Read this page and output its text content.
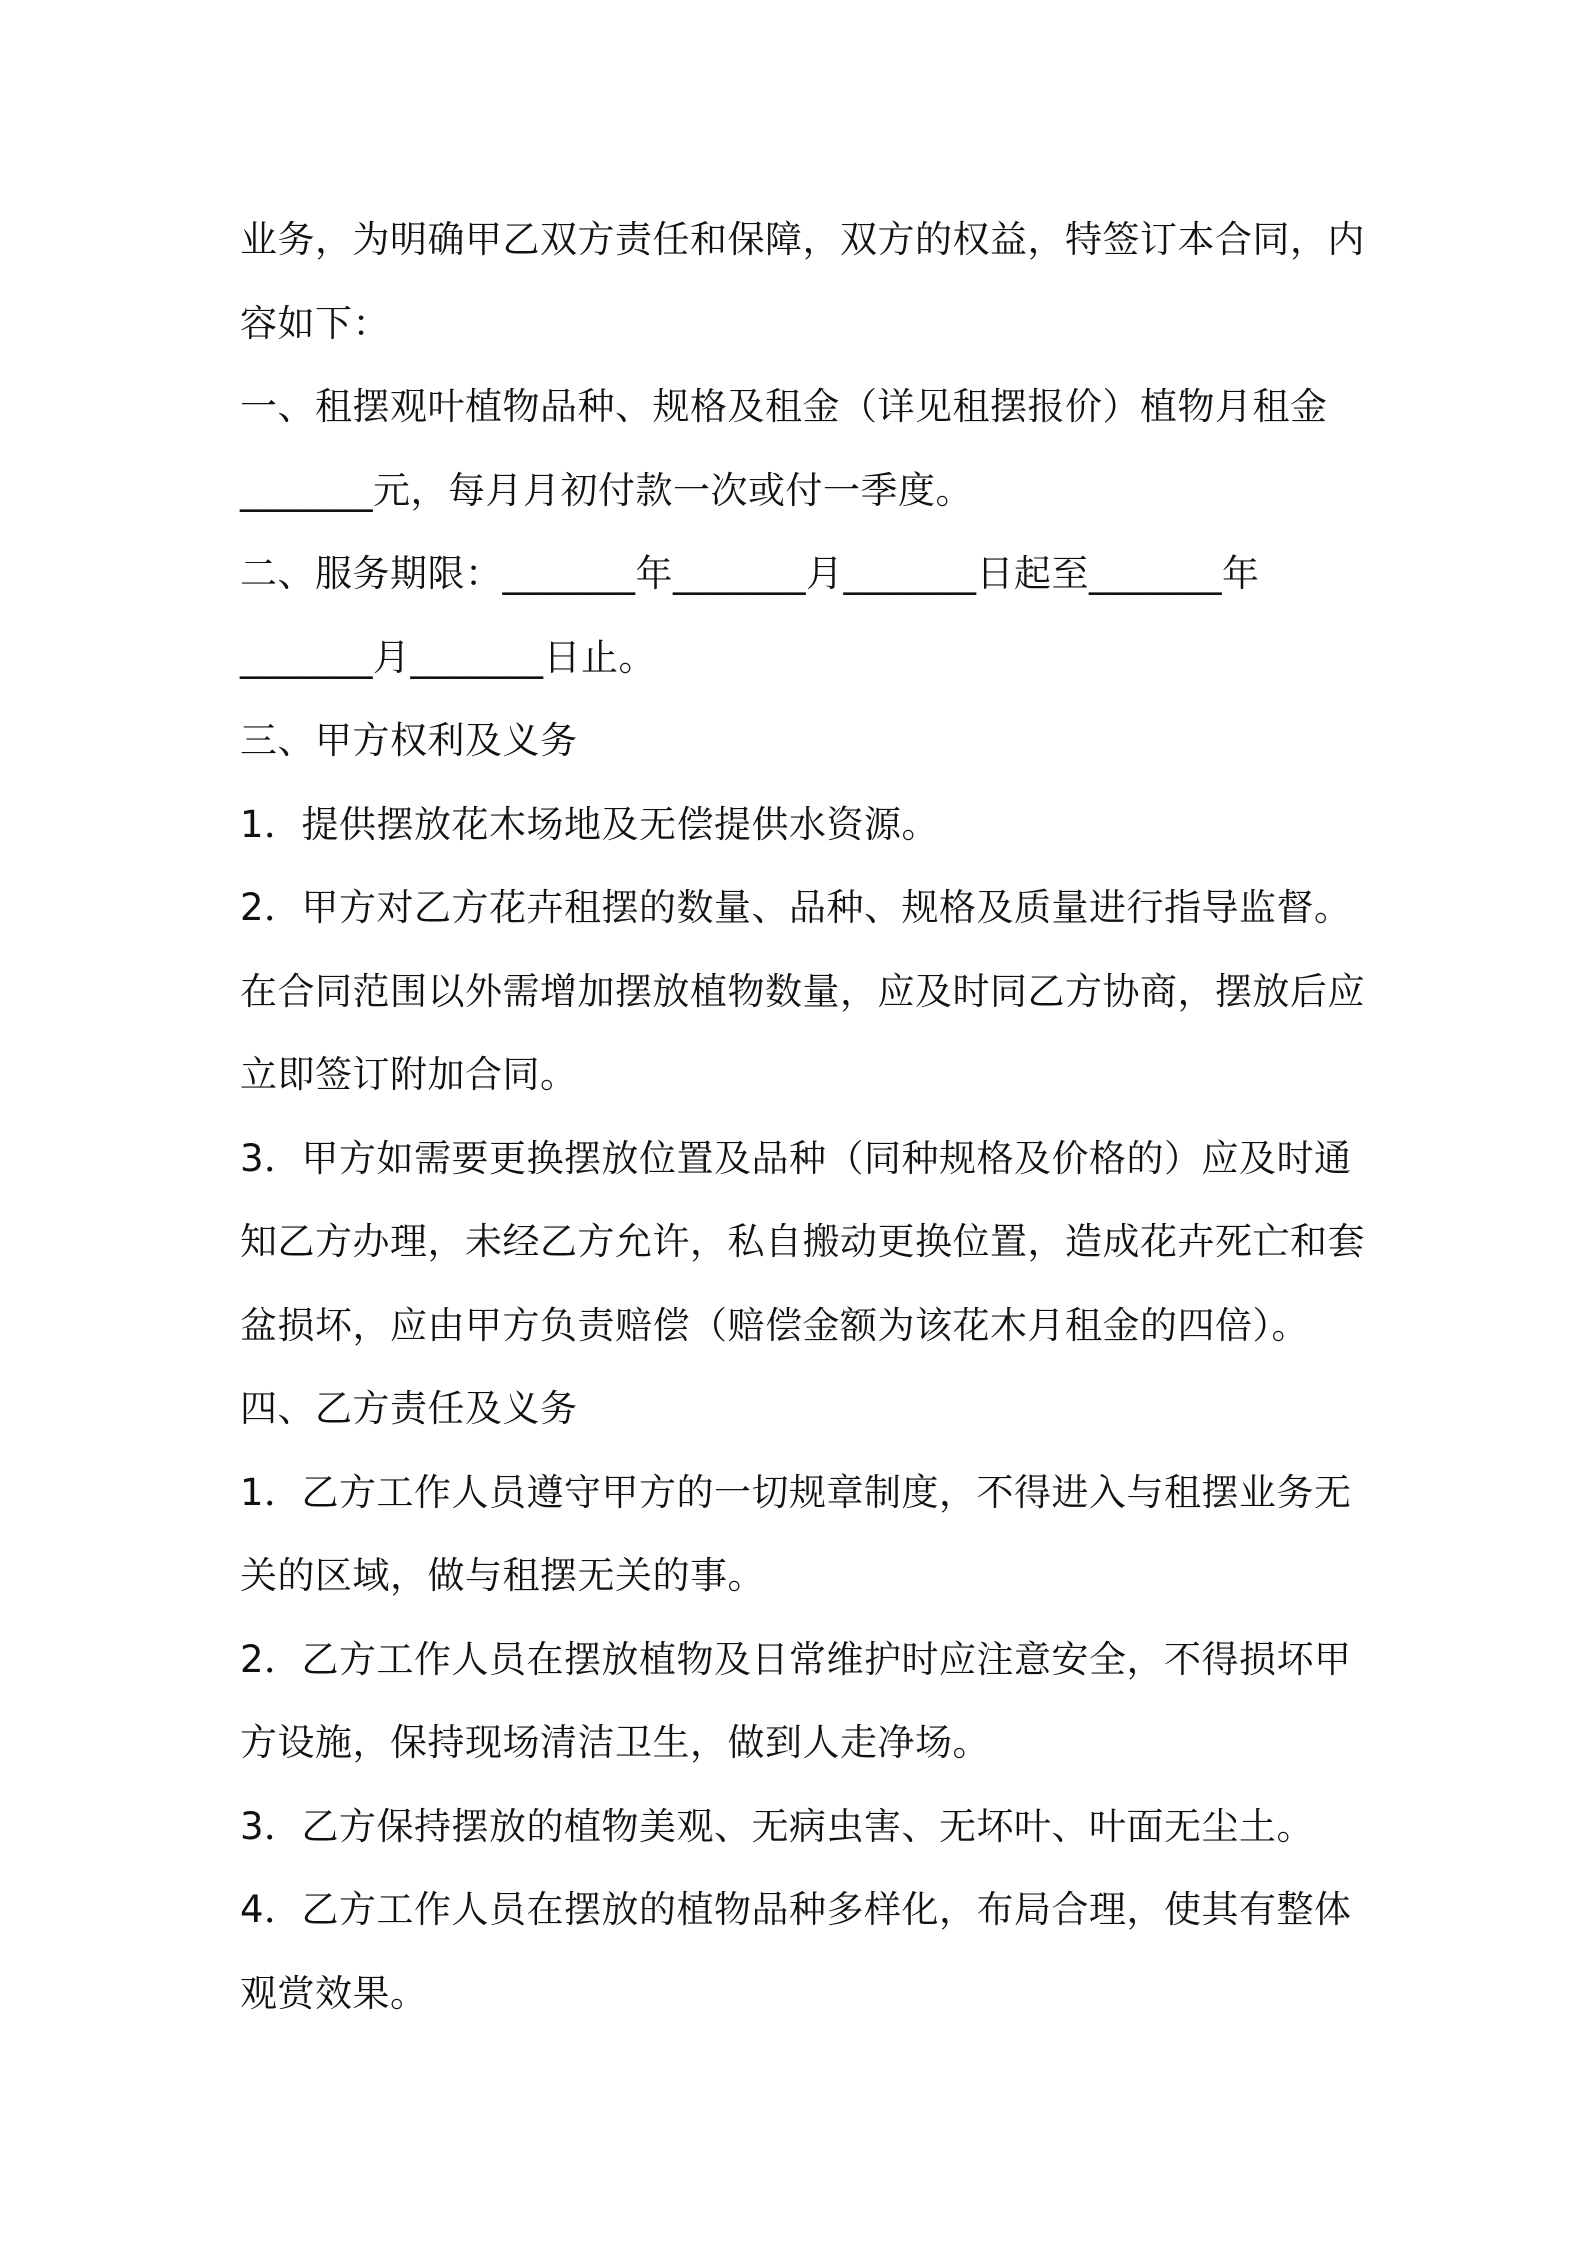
业务，为明确甲乙双方责任和保障，双方的权益，特签订本合同，内
容如下：
一、租摆观叶植物品种、规格及租金（详见租摆报价）植物月租金
_______元，每月月初付款一次或付一季度。
二、服务期限：_______年_______月_______日起至_______年
_______月_______日止。
三、甲方权利及义务
1．提供摆放花木场地及无偿提供水资源。
2．甲方对乙方花卉租摆的数量、品种、规格及质量进行指导监督。
在合同范围以外需增加摆放植物数量，应及时同乙方协商，摆放后应
立即签订附加合同。
3．甲方如需要更换摆放位置及品种（同种规格及价格的）应及时通
知乙方办理，未经乙方允许，私自搬动更换位置，造成花卉死亡和套
盆损坏，应由甲方负责赔偿（赔偿金额为该花木月租金的四倍）。
四、乙方责任及义务
1．乙方工作人员遵守甲方的一切规章制度，不得进入与租摆业务无
关的区域，做与租摆无关的事。
2．乙方工作人员在摆放植物及日常维护时应注意安全，不得损坏甲
方设施，保持现场清洁卫生，做到人走净场。
3．乙方保持摆放的植物美观、无病虫害、无坏叶、叶面无尘土。
4．乙方工作人员在摆放的植物品种多样化，布局合理，使其有整体
观赏效果。
